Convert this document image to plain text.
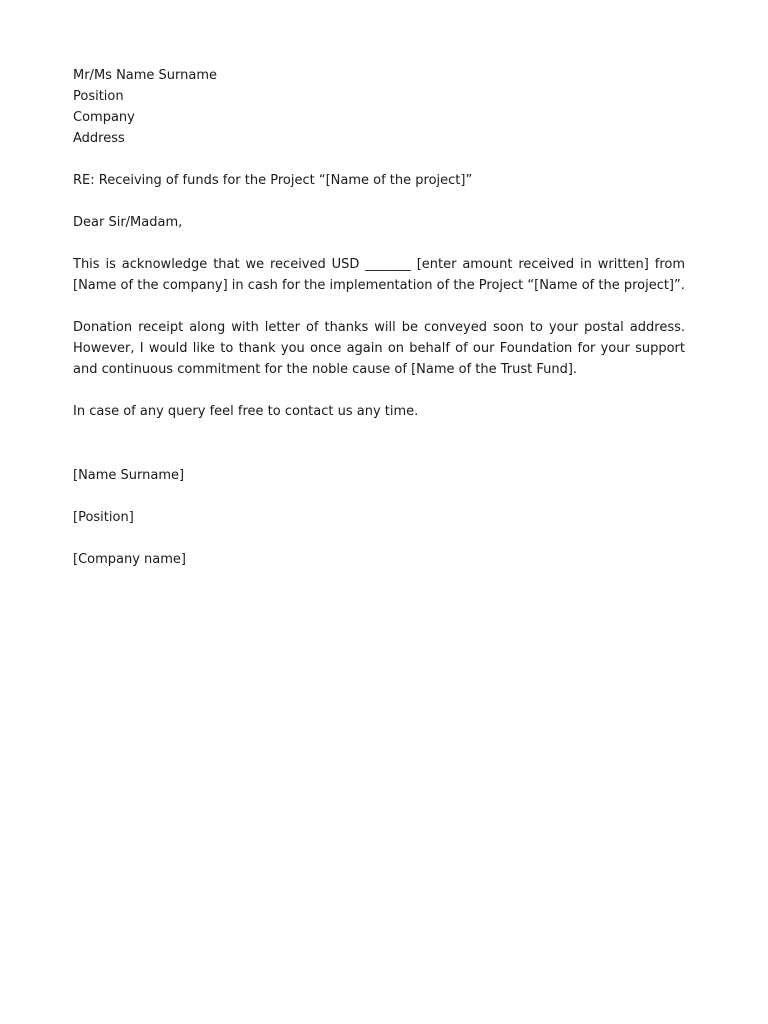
Mr/Ms Name Surname
Position
Company
Address

RE: Receiving of funds for the Project “[Name of the project]”

Dear Sir/Madam,

This is acknowledge that we received USD _______ [enter amount received in written] from [Name of the company] in cash for the implementation of the Project “[Name of the project]”.

Donation receipt along with letter of thanks will be conveyed soon to your postal address. However, I would like to thank you once again on behalf of our Foundation for your support and continuous commitment for the noble cause of [Name of the Trust Fund].

In case of any query feel free to contact us any time.

[Name Surname]

[Position]

[Company name]
